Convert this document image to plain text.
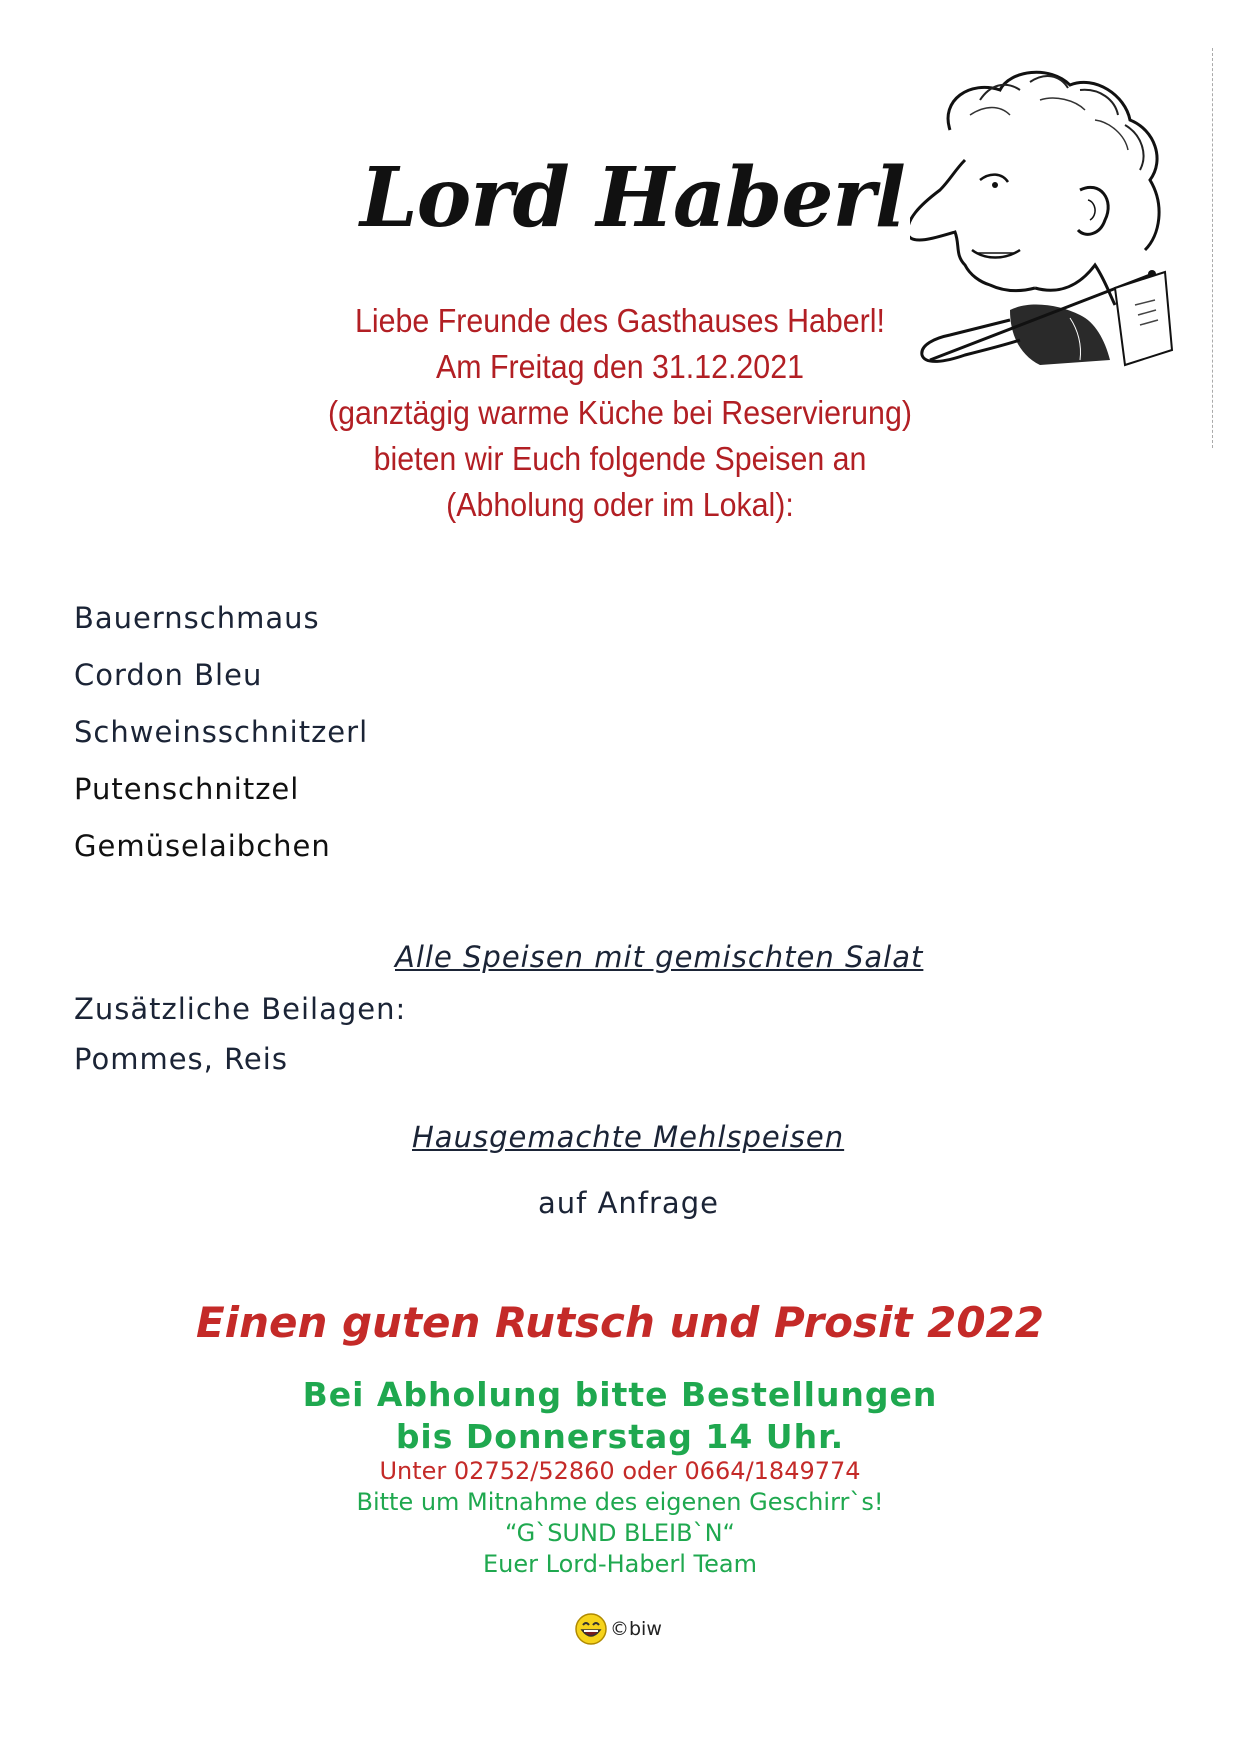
Lord Haberl
Liebe Freunde des Gasthauses Haberl!
Am Freitag den 31.12.2021
(ganztägig warme Küche bei Reservierung)
bieten wir Euch folgende Speisen an
(Abholung oder im Lokal):
Bauernschmaus
Cordon Bleu
Schweinsschnitzerl
Putenschnitzel
Gemüselaibchen
Alle Speisen mit gemischten Salat
Zusätzliche Beilagen:
Pommes, Reis
Hausgemachte Mehlspeisen
auf Anfrage
Einen guten Rutsch und Prosit 2022
Bei Abholung bitte Bestellungen
bis Donnerstag 14 Uhr.
Unter 02752/52860 oder 0664/1849774
Bitte um Mitnahme des eigenen Geschirr`s!
“G`SUND BLEIB`N“
Euer Lord-Haberl Team
©biw
